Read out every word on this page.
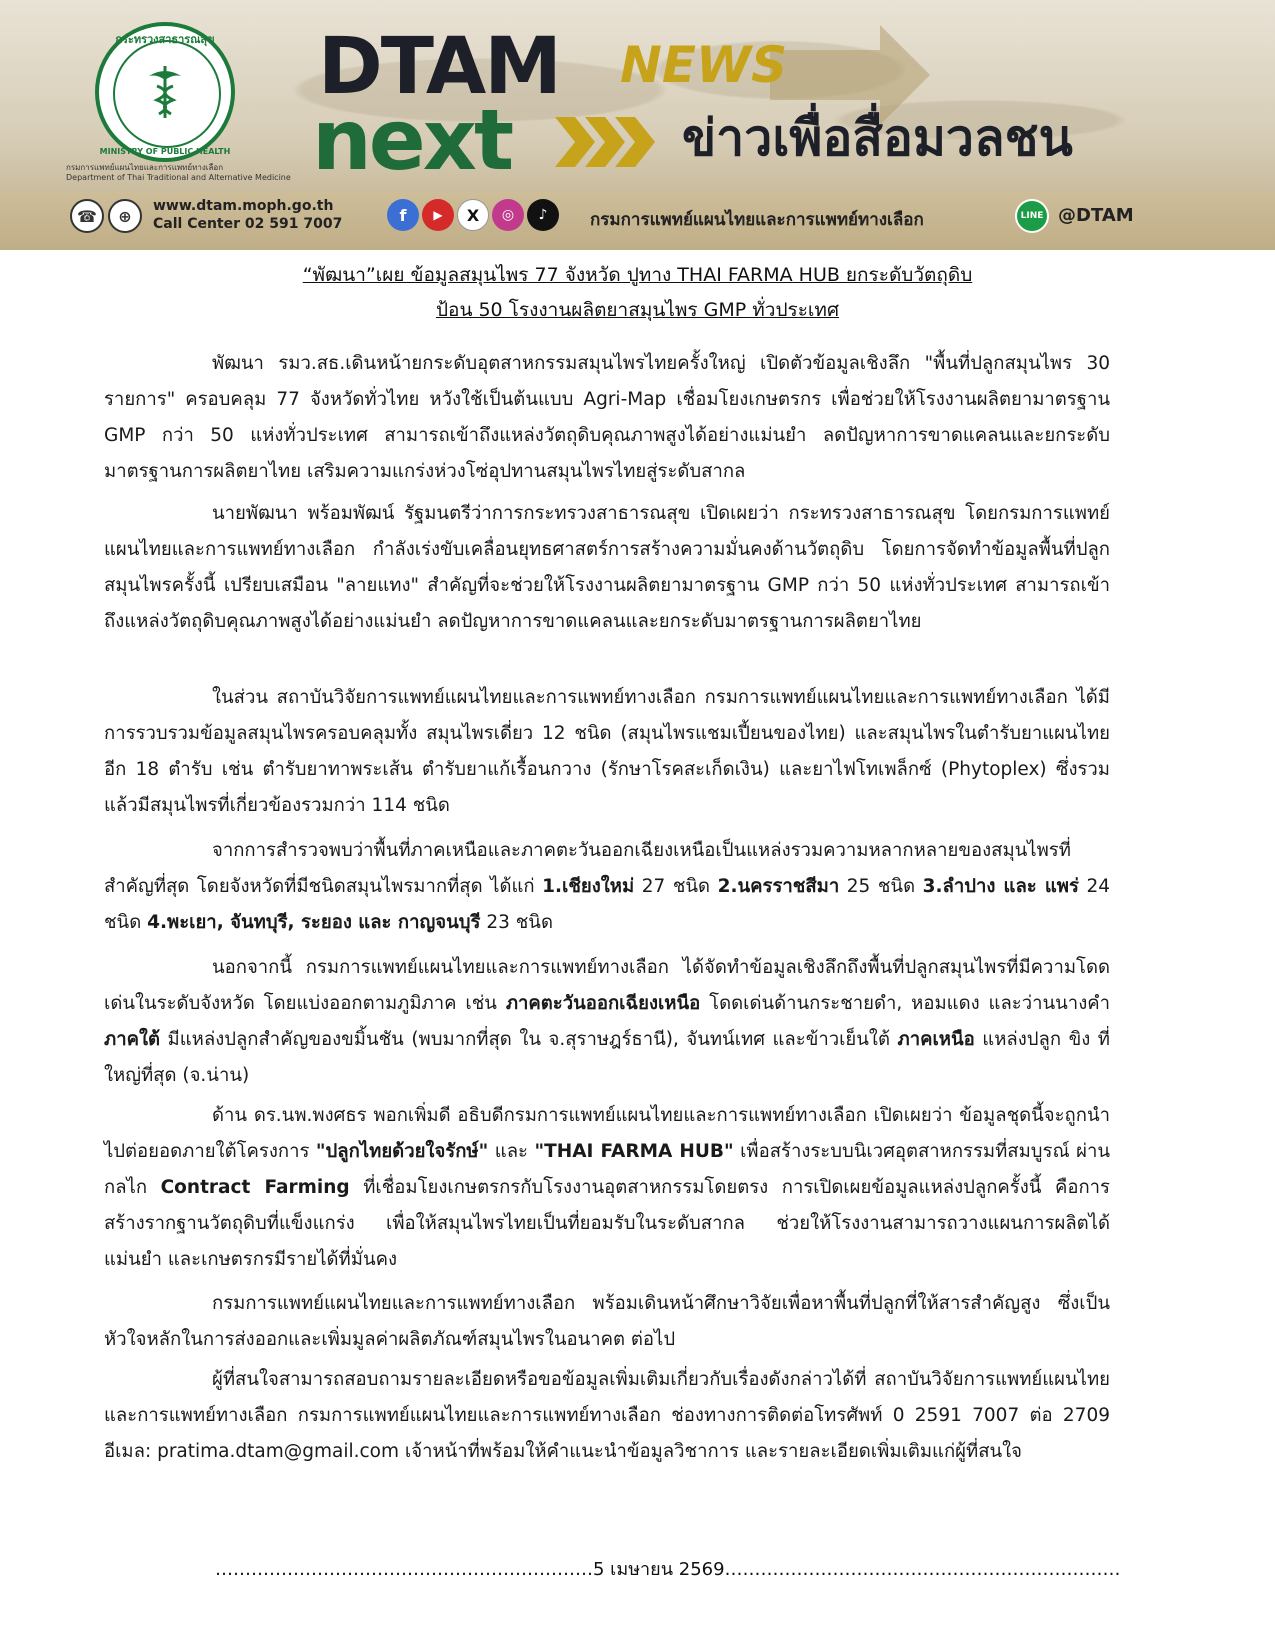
กระทรวงสาธารณสุข
MINISTRY OF PUBLIC HEALTH
กรมการแพทย์แผนไทยและการแพทย์ทางเลือก
Department of Thai Traditional and Alternative Medicine
DTAM NEWS
next	ข่าวเพื่อสื่อมวลชน
☎	⊕
www.dtam.moph.go.th
Call Center 02 591 7007	f	▶	X	◎	♪	กรมการแพทย์แผนไทยและการแพทย์ทางเลือก	LINE @DTAM
“พัฒนา”เผย ข้อมูลสมุนไพร 77 จังหวัด ปูทาง THAI FARMA HUB ยกระดับวัตถุดิบ
ป้อน 50 โรงงานผลิตยาสมุนไพร GMP ทั่วประเทศ
พัฒนา รมว.สธ.เดินหน้ายกระดับอุตสาหกรรมสมุนไพรไทยครั้งใหญ่ เปิดตัวข้อมูลเชิงลึก "พื้นที่ปลูกสมุนไพร 30 รายการ" ครอบคลุม 77 จังหวัดทั่วไทย หวังใช้เป็นต้นแบบ Agri-Map เชื่อมโยงเกษตรกร เพื่อช่วยให้โรงงานผลิตยามาตรฐาน GMP กว่า 50 แห่งทั่วประเทศ สามารถเข้าถึงแหล่งวัตถุดิบคุณภาพสูงได้อย่างแม่นยำ ลดปัญหาการขาดแคลนและยกระดับมาตรฐานการผลิตยาไทย เสริมความแกร่งห่วงโซ่อุปทานสมุนไพรไทยสู่ระดับสากล
นายพัฒนา พร้อมพัฒน์ รัฐมนตรีว่าการกระทรวงสาธารณสุข เปิดเผยว่า กระทรวงสาธารณสุข โดยกรมการแพทย์แผนไทยและการแพทย์ทางเลือก กำลังเร่งขับเคลื่อนยุทธศาสตร์การสร้างความมั่นคงด้านวัตถุดิบ โดยการจัดทำข้อมูลพื้นที่ปลูกสมุนไพรครั้งนี้ เปรียบเสมือน "ลายแทง" สำคัญที่จะช่วยให้โรงงานผลิตยามาตรฐาน GMP กว่า 50 แห่งทั่วประเทศ สามารถเข้าถึงแหล่งวัตถุดิบคุณภาพสูงได้อย่างแม่นยำ ลดปัญหาการขาดแคลนและยกระดับมาตรฐานการผลิตยาไทย
ในส่วน สถาบันวิจัยการแพทย์แผนไทยและการแพทย์ทางเลือก กรมการแพทย์แผนไทยและการแพทย์ทางเลือก ได้มีการรวบรวมข้อมูลสมุนไพรครอบคลุมทั้ง สมุนไพรเดี่ยว 12 ชนิด (สมุนไพรแชมเปี้ยนของไทย) และสมุนไพรในตำรับยาแผนไทยอีก 18 ตำรับ เช่น ตำรับยาทาพระเส้น ตำรับยาแก้เรื้อนกวาง (รักษาโรคสะเก็ดเงิน) และยาไฟโทเพล็กซ์ (Phytoplex) ซึ่งรวมแล้วมีสมุนไพรที่เกี่ยวข้องรวมกว่า 114 ชนิด
จากการสำรวจพบว่าพื้นที่ภาคเหนือและภาคตะวันออกเฉียงเหนือเป็นแหล่งรวมความหลากหลายของสมุนไพรที่สำคัญที่สุด โดยจังหวัดที่มีชนิดสมุนไพรมากที่สุด ได้แก่ 1.เชียงใหม่ 27 ชนิด 2.นครราชสีมา 25 ชนิด 3.ลำปาง และ แพร่ 24 ชนิด 4.พะเยา, จันทบุรี, ระยอง และ กาญจนบุรี 23 ชนิด
นอกจากนี้ กรมการแพทย์แผนไทยและการแพทย์ทางเลือก ได้จัดทำข้อมูลเชิงลึกถึงพื้นที่ปลูกสมุนไพรที่มีความโดดเด่นในระดับจังหวัด โดยแบ่งออกตามภูมิภาค เช่น ภาคตะวันออกเฉียงเหนือ โดดเด่นด้านกระชายดำ, หอมแดง และว่านนางคำ ภาคใต้ มีแหล่งปลูกสำคัญของขมิ้นชัน (พบมากที่สุด ใน จ.สุราษฎร์ธานี), จันทน์เทศ และข้าวเย็นใต้ ภาคเหนือ แหล่งปลูก ขิง ที่ใหญ่ที่สุด (จ.น่าน)
ด้าน ดร.นพ.พงศธร พอกเพิ่มดี อธิบดีกรมการแพทย์แผนไทยและการแพทย์ทางเลือก เปิดเผยว่า ข้อมูลชุดนี้จะถูกนำไปต่อยอดภายใต้โครงการ "ปลูกไทยด้วยใจรักษ์" และ "THAI FARMA HUB" เพื่อสร้างระบบนิเวศอุตสาหกรรมที่สมบูรณ์ ผ่านกลไก Contract Farming ที่เชื่อมโยงเกษตรกรกับโรงงานอุตสาหกรรมโดยตรง การเปิดเผยข้อมูลแหล่งปลูกครั้งนี้ คือการสร้างรากฐานวัตถุดิบที่แข็งแกร่ง เพื่อให้สมุนไพรไทยเป็นที่ยอมรับในระดับสากล ช่วยให้โรงงานสามารถวางแผนการผลิตได้แม่นยำ และเกษตรกรมีรายได้ที่มั่นคง
กรมการแพทย์แผนไทยและการแพทย์ทางเลือก พร้อมเดินหน้าศึกษาวิจัยเพื่อหาพื้นที่ปลูกที่ให้สารสำคัญสูง ซึ่งเป็นหัวใจหลักในการส่งออกและเพิ่มมูลค่าผลิตภัณฑ์สมุนไพรในอนาคต ต่อไป
ผู้ที่สนใจสามารถสอบถามรายละเอียดหรือขอข้อมูลเพิ่มเติมเกี่ยวกับเรื่องดังกล่าวได้ที่ สถาบันวิจัยการแพทย์แผนไทยและการแพทย์ทางเลือก กรมการแพทย์แผนไทยและการแพทย์ทางเลือก ช่องทางการติดต่อโทรศัพท์ 0 2591 7007 ต่อ 2709 อีเมล: pratima.dtam@gmail.com เจ้าหน้าที่พร้อมให้คำแนะนำข้อมูลวิชาการ และรายละเอียดเพิ่มเติมแก่ผู้ที่สนใจ
………………………………………………………5 เมษายน 2569…………………………………………………………
